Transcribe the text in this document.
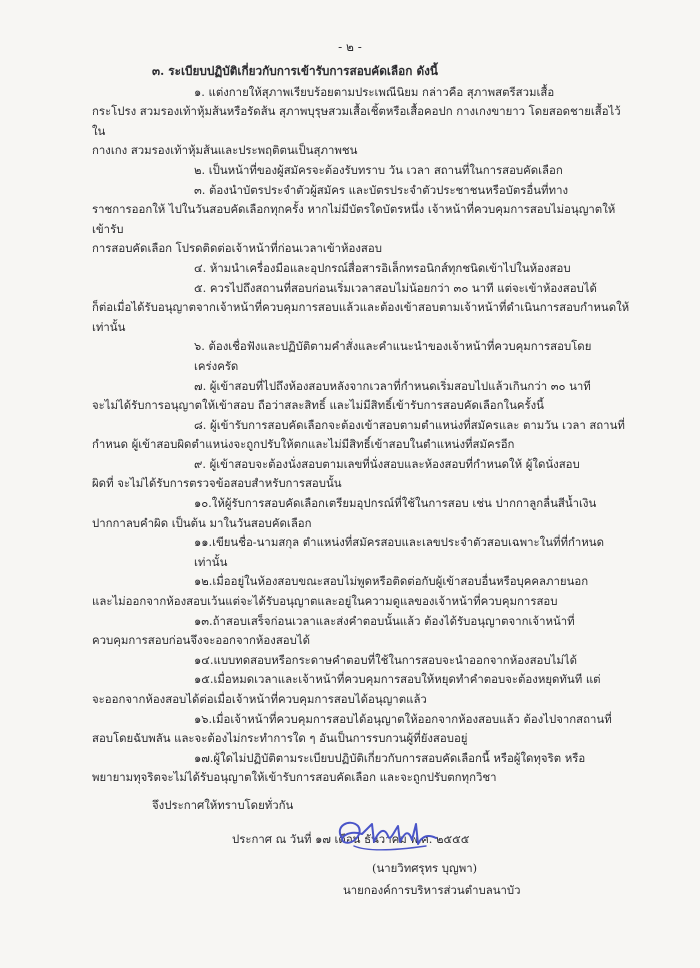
- ๒ -
๓. ระเบียบปฏิบัติเกี่ยวกับการเข้ารับการสอบคัดเลือก ดังนี้
๑. แต่งกายให้สุภาพเรียบร้อยตามประเพณีนิยม กล่าวคือ สุภาพสตรีสวมเสื้อ
กระโปรง สวมรองเท้าหุ้มส้นหรือรัดส้น สุภาพบุรุษสวมเสื้อเชิ้ตหรือเสื้อคอปก กางเกงขายาว โดยสอดชายเสื้อไว้ใน
กางเกง สวมรองเท้าหุ้มส้นและประพฤติตนเป็นสุภาพชน
๒. เป็นหน้าที่ของผู้สมัครจะต้องรับทราบ วัน เวลา สถานที่ในการสอบคัดเลือก
๓. ต้องนำบัตรประจำตัวผู้สมัคร และบัตรประจำตัวประชาชนหรือบัตรอื่นที่ทาง
ราชการออกให้ ไปในวันสอบคัดเลือกทุกครั้ง หากไม่มีบัตรใดบัตรหนึ่ง เจ้าหน้าที่ควบคุมการสอบไม่อนุญาตให้เข้ารับ
การสอบคัดเลือก โปรดติดต่อเจ้าหน้าที่ก่อนเวลาเข้าห้องสอบ
๔. ห้ามนำเครื่องมือและอุปกรณ์สื่อสารอิเล็กทรอนิกส์ทุกชนิดเข้าไปในห้องสอบ
๕. ควรไปถึงสถานที่สอบก่อนเริ่มเวลาสอบไม่น้อยกว่า ๓๐ นาที แต่จะเข้าห้องสอบได้
ก็ต่อเมื่อได้รับอนุญาตจากเจ้าหน้าที่ควบคุมการสอบแล้วและต้องเข้าสอบตามเจ้าหน้าที่ดำเนินการสอบกำหนดให้เท่านั้น
๖. ต้องเชื่อฟังและปฏิบัติตามคำสั่งและคำแนะนำของเจ้าหน้าที่ควบคุมการสอบโดยเคร่งครัด
๗. ผู้เข้าสอบที่ไปถึงห้องสอบหลังจากเวลาที่กำหนดเริ่มสอบไปแล้วเกินกว่า ๓๐ นาที
จะไม่ได้รับการอนุญาตให้เข้าสอบ ถือว่าสละสิทธิ์ และไม่มีสิทธิ์เข้ารับการสอบคัดเลือกในครั้งนี้
๘. ผู้เข้ารับการสอบคัดเลือกจะต้องเข้าสอบตามตำแหน่งที่สมัครและ ตามวัน เวลา สถานที่
กำหนด ผู้เข้าสอบผิดตำแหน่งจะถูกปรับให้ตกและไม่มีสิทธิ์เข้าสอบในตำแหน่งที่สมัครอีก
๙. ผู้เข้าสอบจะต้องนั่งสอบตามเลขที่นั่งสอบและห้องสอบที่กำหนดให้ ผู้ใดนั่งสอบ
ผิดที่ จะไม่ได้รับการตรวจข้อสอบสำหรับการสอบนั้น
๑๐.ให้ผู้รับการสอบคัดเลือกเตรียมอุปกรณ์ที่ใช้ในการสอบ เช่น ปากกาลูกลื่นสีน้ำเงิน
ปากกาลบคำผิด เป็นต้น มาในวันสอบคัดเลือก
๑๑.เขียนชื่อ-นามสกุล ตำแหน่งที่สมัครสอบและเลขประจำตัวสอบเฉพาะในที่ที่กำหนดเท่านั้น
๑๒.เมื่ออยู่ในห้องสอบขณะสอบไม่พูดหรือติดต่อกับผู้เข้าสอบอื่นหรือบุคคลภายนอก
และไม่ออกจากห้องสอบเว้นแต่จะได้รับอนุญาตและอยู่ในความดูแลของเจ้าหน้าที่ควบคุมการสอบ
๑๓.ถ้าสอบเสร็จก่อนเวลาและส่งคำตอบนั้นแล้ว ต้องได้รับอนุญาตจากเจ้าหน้าที่
ควบคุมการสอบก่อนจึงจะออกจากห้องสอบได้
๑๔.แบบทดสอบหรือกระดาษคำตอบที่ใช้ในการสอบจะนำออกจากห้องสอบไม่ได้
๑๕.เมื่อหมดเวลาและเจ้าหน้าที่ควบคุมการสอบให้หยุดทำคำตอบจะต้องหยุดทันที แต่
จะออกจากห้องสอบได้ต่อเมื่อเจ้าหน้าที่ควบคุมการสอบได้อนุญาตแล้ว
๑๖.เมื่อเจ้าหน้าที่ควบคุมการสอบได้อนุญาตให้ออกจากห้องสอบแล้ว ต้องไปจากสถานที่
สอบโดยฉับพลัน และจะต้องไม่กระทำการใด ๆ อันเป็นการรบกวนผู้ที่ยังสอบอยู่
๑๗.ผู้ใดไม่ปฏิบัติตามระเบียบปฏิบัติเกี่ยวกับการสอบคัดเลือกนี้ หรือผู้ใดทุจริต หรือ
พยายามทุจริตจะไม่ได้รับอนุญาตให้เข้ารับการสอบคัดเลือก และจะถูกปรับตกทุกวิชา
จึงประกาศให้ทราบโดยทั่วกัน
ประกาศ ณ วันที่ ๑๗ เดือน ธันวาคม พ.ศ. ๒๕๕๕
(นายวิทศรุทร บุญพา)
นายกองค์การบริหารส่วนตำบลนาบัว
